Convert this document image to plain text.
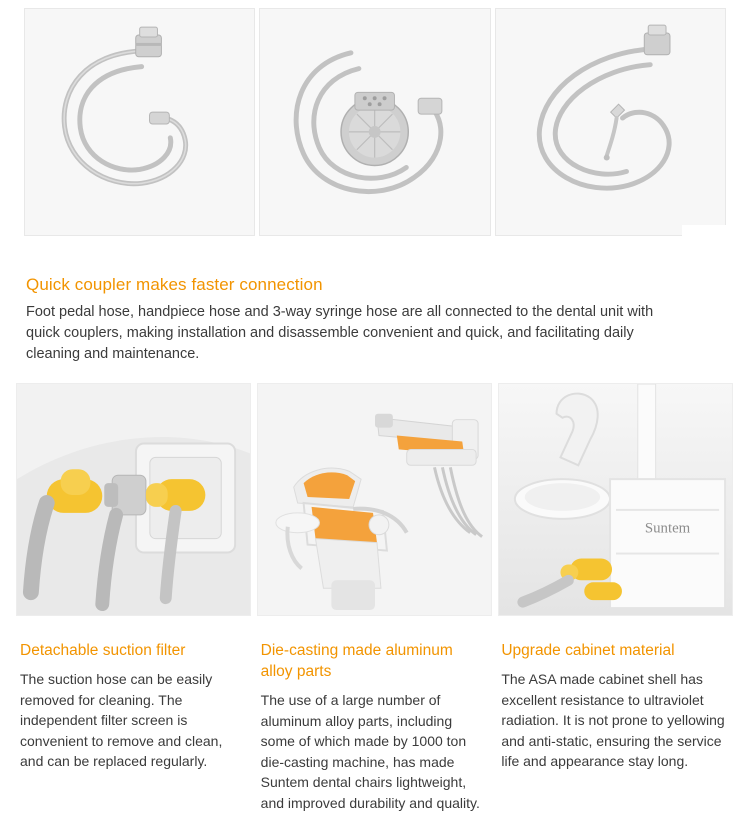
Quick coupler makes faster connection

Foot pedal hose, handpiece hose and 3-way syringe hose are all connected to the dental unit with quick couplers, making installation and disassemble convenient and quick, and facilitating daily cleaning and maintenance.

Suntem
Detachable suction filter

The suction hose can be easily removed for cleaning. The independent filter screen is convenient to remove and clean, and can be replaced regularly.

Die-casting made aluminum alloy parts

The use of a large number of aluminum alloy parts, including some of which made by 1000 ton die-casting machine, has made Suntem dental chairs lightweight, and improved durability and quality.

Upgrade cabinet material

The ASA made cabinet shell has excellent resistance to ultraviolet radiation. It is not prone to yellowing and anti-static, ensuring the service life and appearance stay long.
